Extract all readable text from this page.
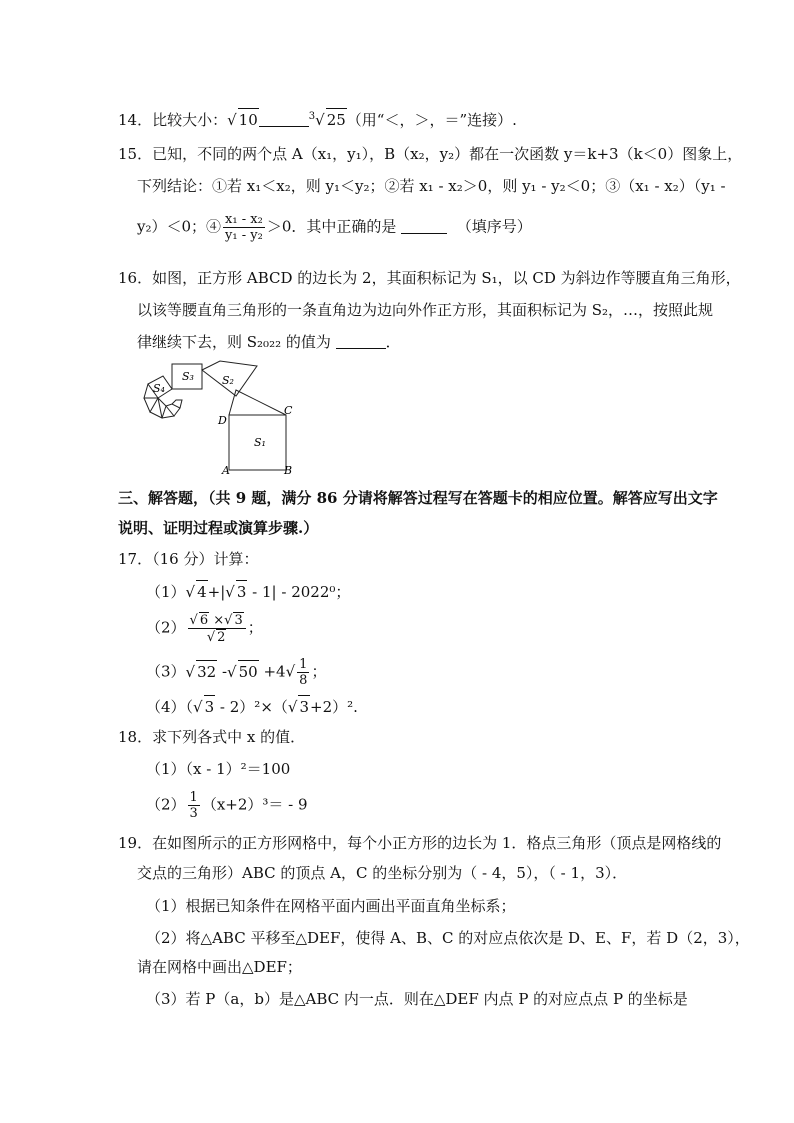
14．比较大小：√ 10	$^3$√ 25（用“＜，＞，＝”连接）.
15．已知，不同的两个点 A（x₁，y₁），B（x₂，y₂）都在一次函数 y＝k+3（k＜0）图象上，
下列结论：①若 x₁＜x₂，则 y₁＜y₂；②若 x₁ - x₂＞0，则 y₁ - y₂＜0；③（x₁ - x₂）（y₁ -
y₂）＜0；④ $\frac{\text{x₁ - x₂}}{\text{y₁ - y₂}} >0$．其中正确的是	（填序号）
16．如图，正方形 ABCD 的边长为 2，其面积标记为 S₁，以 CD 为斜边作等腰直角三角形，
以该等腰直角三角形的一条直角边为边向外作正方形，其面积标记为 S₂，…，按照此规
律继续下去，则 S₂₀₂₂ 的值为	．
S₁
S₂
S₃
S₄
A	B
C
D
三、解答题，（共 9 题，满分 86 分请将解答过程写在答题卡的相应位置。解答应写出文字
说明、证明过程或演算步骤.）
17．（16 分）计算：
（1）√ 4+|√ 3 - 1| - 2022⁰；
$(2) \frac{√ 6 \times√ 3}{√ 2}$ ；
（3）√ 32 -√ $50 +4√ \frac{1}{8}$ ；
（4）（√ 3 - 2）²×（√ 3+2）².
18．求下列各式中 x 的值．
（1）（x - 1）²＝100
$(2) \frac{1}{3} (x+2)^3= - 9$
19．在如图所示的正方形网格中，每个小正方形的边长为 1．格点三角形（顶点是网格线的
交点的三角形）ABC 的顶点 A，C 的坐标分别为（ - 4，5），（ - 1，3）．
（1）根据已知条件在网格平面内画出平面直角坐标系；
（2）将△ABC 平移至△DEF，使得 A、B、C 的对应点依次是 D、E、F，若 D（2，3），
请在网格中画出△DEF；
（3）若 P（a，b）是△ABC 内一点．则在△DEF 内点 P 的对应点点 P 的坐标是
